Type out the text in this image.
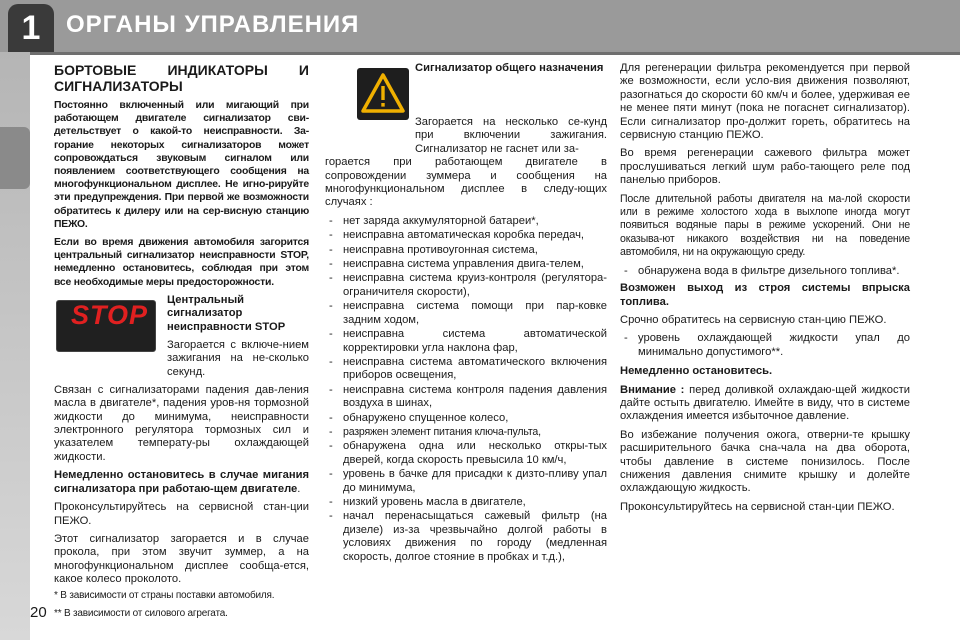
1	ОРГАНЫ УПРАВЛЕНИЯ
20

БОРТОВЫЕ ИНДИКАТОРЫ И СИГНАЛИЗАТОРЫ

Постоянно включенный или мигающий при работающем двигателе сигнализатор сви-детельствует о какой-то неисправности. За-горание некоторых сигнализаторов может сопровождаться звуковым сигналом или появлением соответствующего сообщения на многофункциональном дисплее. Не игно-рируйте эти предупреждения. При первой же возможности обратитесь к дилеру или на сер-висную станцию ПЕЖО.

Если во время движения автомобиля загорится центральный сигнализатор неисправности STOP, немедленно остановитесь, соблюдая при этом все необходимые меры предосторожности.

STOP Центральный сигнализатор неисправности STOP

Загорается с включе-нием зажигания на не-сколько секунд.

Связан с сигнализаторами падения дав-ления масла в двигателе*, падения уров-ня тормозной жидкости до минимума, неисправности электронного регулятора тормозных сил и указателем температу-ры охлаждающей жидкости.

Немедленно остановитесь в случае мигания сигнализатора при работаю-щем двигателе.

Проконсультируйтесь на сервисной стан-ции ПЕЖО.

Этот сигнализатор загорается и в случае прокола, при этом звучит зуммер, а на многофункциональном дисплее сообща-ется, какое колесо проколото.

* В зависимости от страны поставки автомобиля.

** В зависимости от силового агрегата.

Сигнализатор общего назначения

Загорается на несколько се-кунд при включении зажигания. Сигнализатор не гаснет или за-

горается при работающем двигателе в сопровождении зуммера и сообщения на многофункциональном дисплее в следу-ющих случаях :

- нет заряда аккумуляторной батареи*,
- неисправна автоматическая коробка передач,
- неисправна противоугонная система,
- неисправна система управления двига-телем,
- неисправна система круиз-контроля (регулятора-ограничителя скорости),
- неисправна система помощи при пар-ковке задним ходом,
- неисправна система автоматической корректировки угла наклона фар,
- неисправна система автоматического включения приборов освещения,
- неисправна система контроля падения давления воздуха в шинах,
- обнаружено спущенное колесо,
- разряжен элемент питания ключа-пульта,
- обнаружена одна или несколько откры-тых дверей, когда скорость превысила 10 км/ч,
- уровень в бачке для присадки к дизто-пливу упал до минимума,
- низкий уровень масла в двигателе,
- начал перенасыщаться сажевый фильтр (на дизеле) из-за чрезвычайно долгой работы в условиях движения по городу (медленная скорость, долгое стояние в пробках и т.д.),

Для регенерации фильтра рекомендуется при первой же возможности, если усло-вия движения позволяют, разогнаться до скорости 60 км/ч и более, удерживая ее не менее пяти минут (пока не погаснет сигнализатор). Если сигнализатор про-должит гореть, обратитесь на сервисную станцию ПЕЖО.

Во время регенерации сажевого фильтра может прослушиваться легкий шум рабо-тающего реле под панелью приборов.

После длительной работы двигателя на ма-лой скорости или в режиме холостого хода в выхлопе иногда могут появиться водяные пары в режиме ускорений. Они не оказыва-ют никакого воздействия ни на поведение автомобиля, ни на окружающую среду.

- обнаружена вода в фильтре дизельного топлива*.

Возможен выход из строя системы впрыска топлива.

Срочно обратитесь на сервисную стан-цию ПЕЖО.

- уровень охлаждающей жидкости упал до минимально допустимого**.

Немедленно остановитесь.

Внимание : перед доливкой охлаждаю-щей жидкости дайте остыть двигателю. Имейте в виду, что в системе охлаждения имеется избыточное давление.

Во избежание получения ожога, отверни-те крышку расширительного бачка сна-чала на два оборота, чтобы давление в системе понизилось. После снижения давления снимите крышку и долейте охлаждающую жидкость.

Проконсультируйтесь на сервисной стан-ции ПЕЖО.
